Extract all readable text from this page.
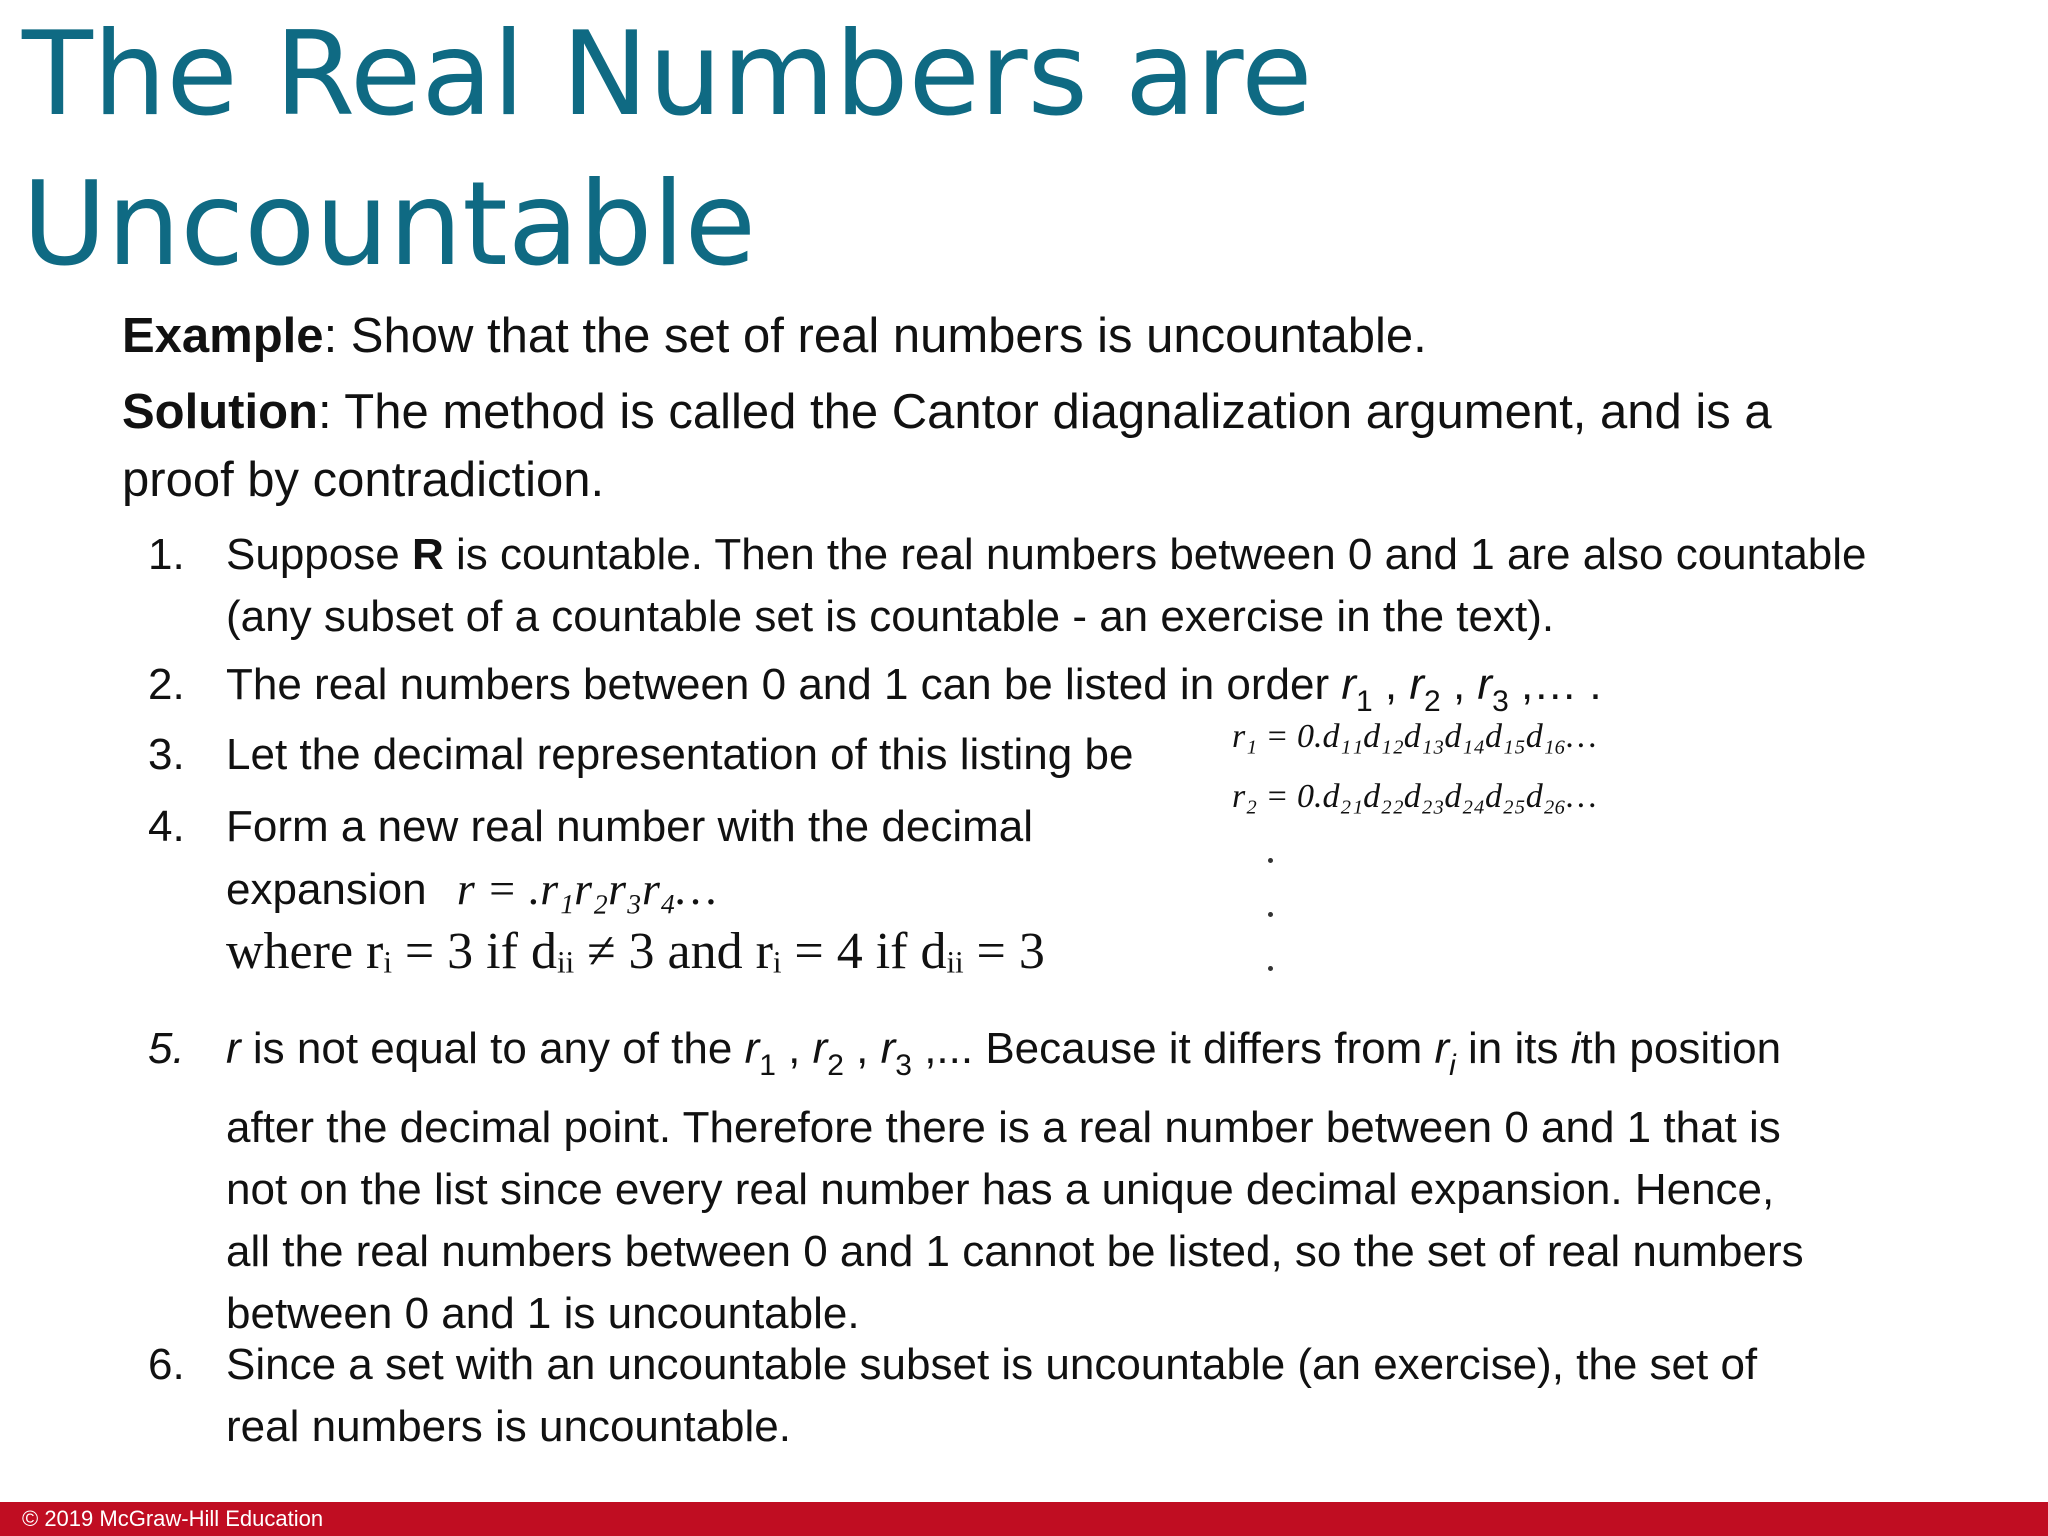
The Real Numbers are
Uncountable
Example: Show that the set of real numbers is uncountable.
Solution: The method is called the Cantor diagnalization argument, and is a
proof by contradiction.
1. Suppose R is countable. Then the real numbers between 0 and 1 are also countable
(any subset of a countable set is countable - an exercise in the text).
2. The real numbers between 0 and 1 can be listed in order $r_1$ , $r_2$ , $r_3$ ,… .
3. Let the decimal representation of this listing be	r₁ = 0.d₁₁d₁₂d₁₃d₁₄d₁₅d₁₆…
r₂ = 0.d₂₁d₂₂d₂₃d₂₄d₂₅d₂₆…
4. Form a new real number with the decimal
expansion r = .r₁r₂r₃r₄…
where rᵢ = 3 if dᵢᵢ ≠ 3 and rᵢ = 4 if dᵢᵢ = 3
5. r is not equal to any of the $r_1$ , $r_2$ , $r_3$ ,... Because it differs from $r_i$ in its ith position
after the decimal point. Therefore there is a real number between 0 and 1 that is
not on the list since every real number has a unique decimal expansion. Hence,
all the real numbers between 0 and 1 cannot be listed, so the set of real numbers
between 0 and 1 is uncountable.
6. Since a set with an uncountable subset is uncountable (an exercise), the set of
real numbers is uncountable.
© 2019 McGraw-Hill Education
